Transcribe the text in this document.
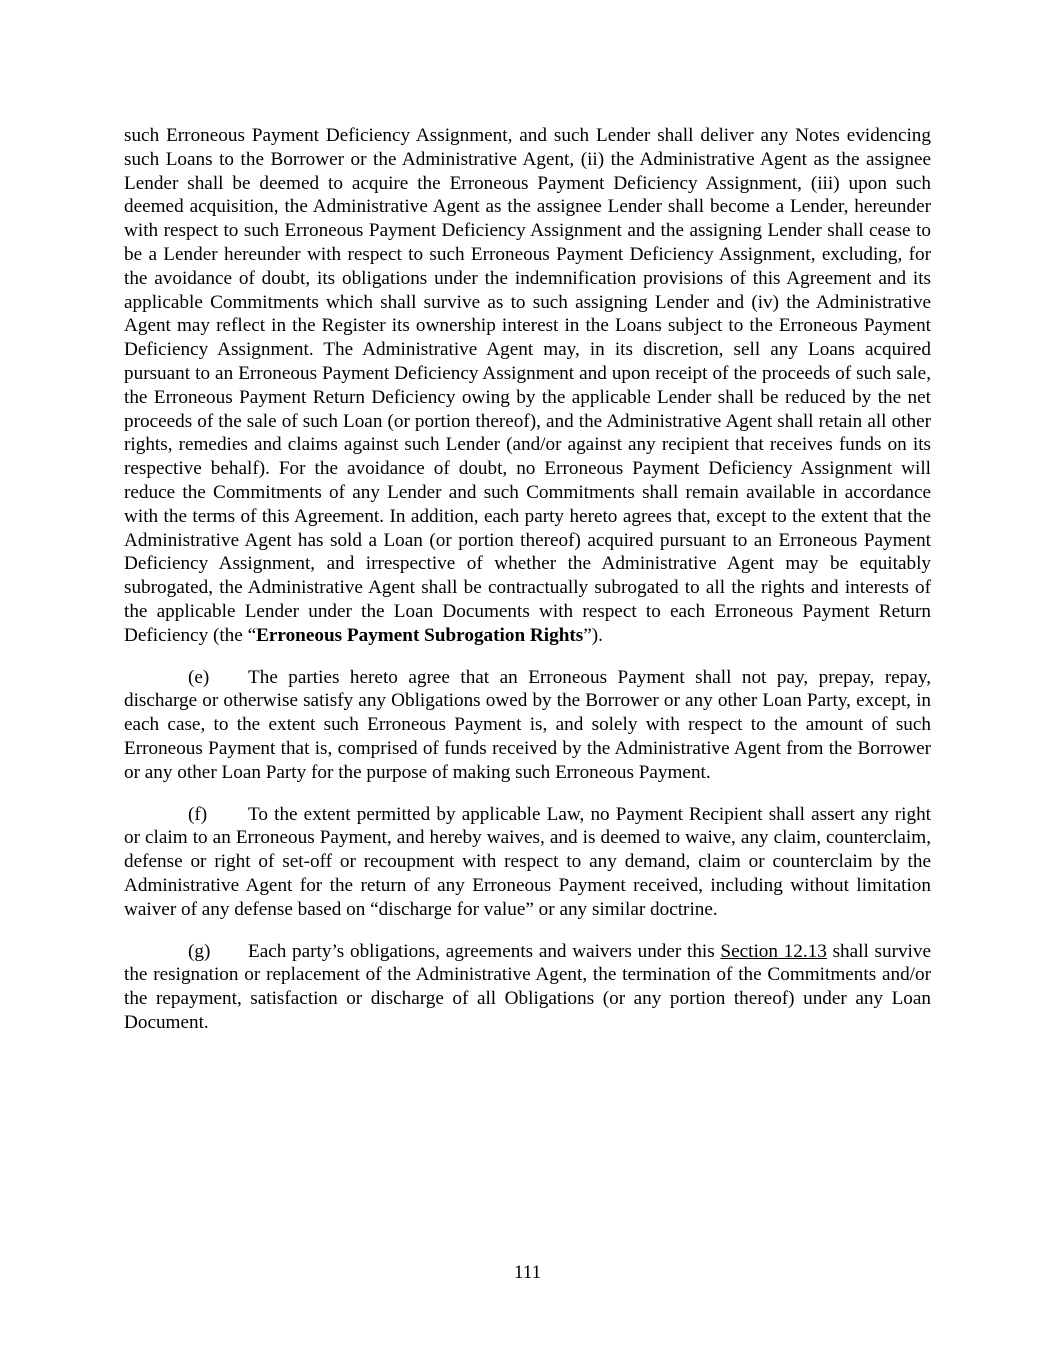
such Erroneous Payment Deficiency Assignment, and such Lender shall deliver any Notes evidencing such Loans to the Borrower or the Administrative Agent, (ii) the Administrative Agent as the assignee Lender shall be deemed to acquire the Erroneous Payment Deficiency Assignment, (iii) upon such deemed acquisition, the Administrative Agent as the assignee Lender shall become a Lender, hereunder with respect to such Erroneous Payment Deficiency Assignment and the assigning Lender shall cease to be a Lender hereunder with respect to such Erroneous Payment Deficiency Assignment, excluding, for the avoidance of doubt, its obligations under the indemnification provisions of this Agreement and its applicable Commitments which shall survive as to such assigning Lender and (iv) the Administrative Agent may reflect in the Register its ownership interest in the Loans subject to the Erroneous Payment Deficiency Assignment. The Administrative Agent may, in its discretion, sell any Loans acquired pursuant to an Erroneous Payment Deficiency Assignment and upon receipt of the proceeds of such sale, the Erroneous Payment Return Deficiency owing by the applicable Lender shall be reduced by the net proceeds of the sale of such Loan (or portion thereof), and the Administrative Agent shall retain all other rights, remedies and claims against such Lender (and/or against any recipient that receives funds on its respective behalf). For the avoidance of doubt, no Erroneous Payment Deficiency Assignment will reduce the Commitments of any Lender and such Commitments shall remain available in accordance with the terms of this Agreement. In addition, each party hereto agrees that, except to the extent that the Administrative Agent has sold a Loan (or portion thereof) acquired pursuant to an Erroneous Payment Deficiency Assignment, and irrespective of whether the Administrative Agent may be equitably subrogated, the Administrative Agent shall be contractually subrogated to all the rights and interests of the applicable Lender under the Loan Documents with respect to each Erroneous Payment Return Deficiency (the “Erroneous Payment Subrogation Rights”).

(e) The parties hereto agree that an Erroneous Payment shall not pay, prepay, repay, discharge or otherwise satisfy any Obligations owed by the Borrower or any other Loan Party, except, in each case, to the extent such Erroneous Payment is, and solely with respect to the amount of such Erroneous Payment that is, comprised of funds received by the Administrative Agent from the Borrower or any other Loan Party for the purpose of making such Erroneous Payment.

(f) To the extent permitted by applicable Law, no Payment Recipient shall assert any right or claim to an Erroneous Payment, and hereby waives, and is deemed to waive, any claim, counterclaim, defense or right of set-off or recoupment with respect to any demand, claim or counterclaim by the Administrative Agent for the return of any Erroneous Payment received, including without limitation waiver of any defense based on “discharge for value” or any similar doctrine.

(g) Each party’s obligations, agreements and waivers under this Section 12.13 shall survive the resignation or replacement of the Administrative Agent, the termination of the Commitments and/or the repayment, satisfaction or discharge of all Obligations (or any portion thereof) under any Loan Document.

111
